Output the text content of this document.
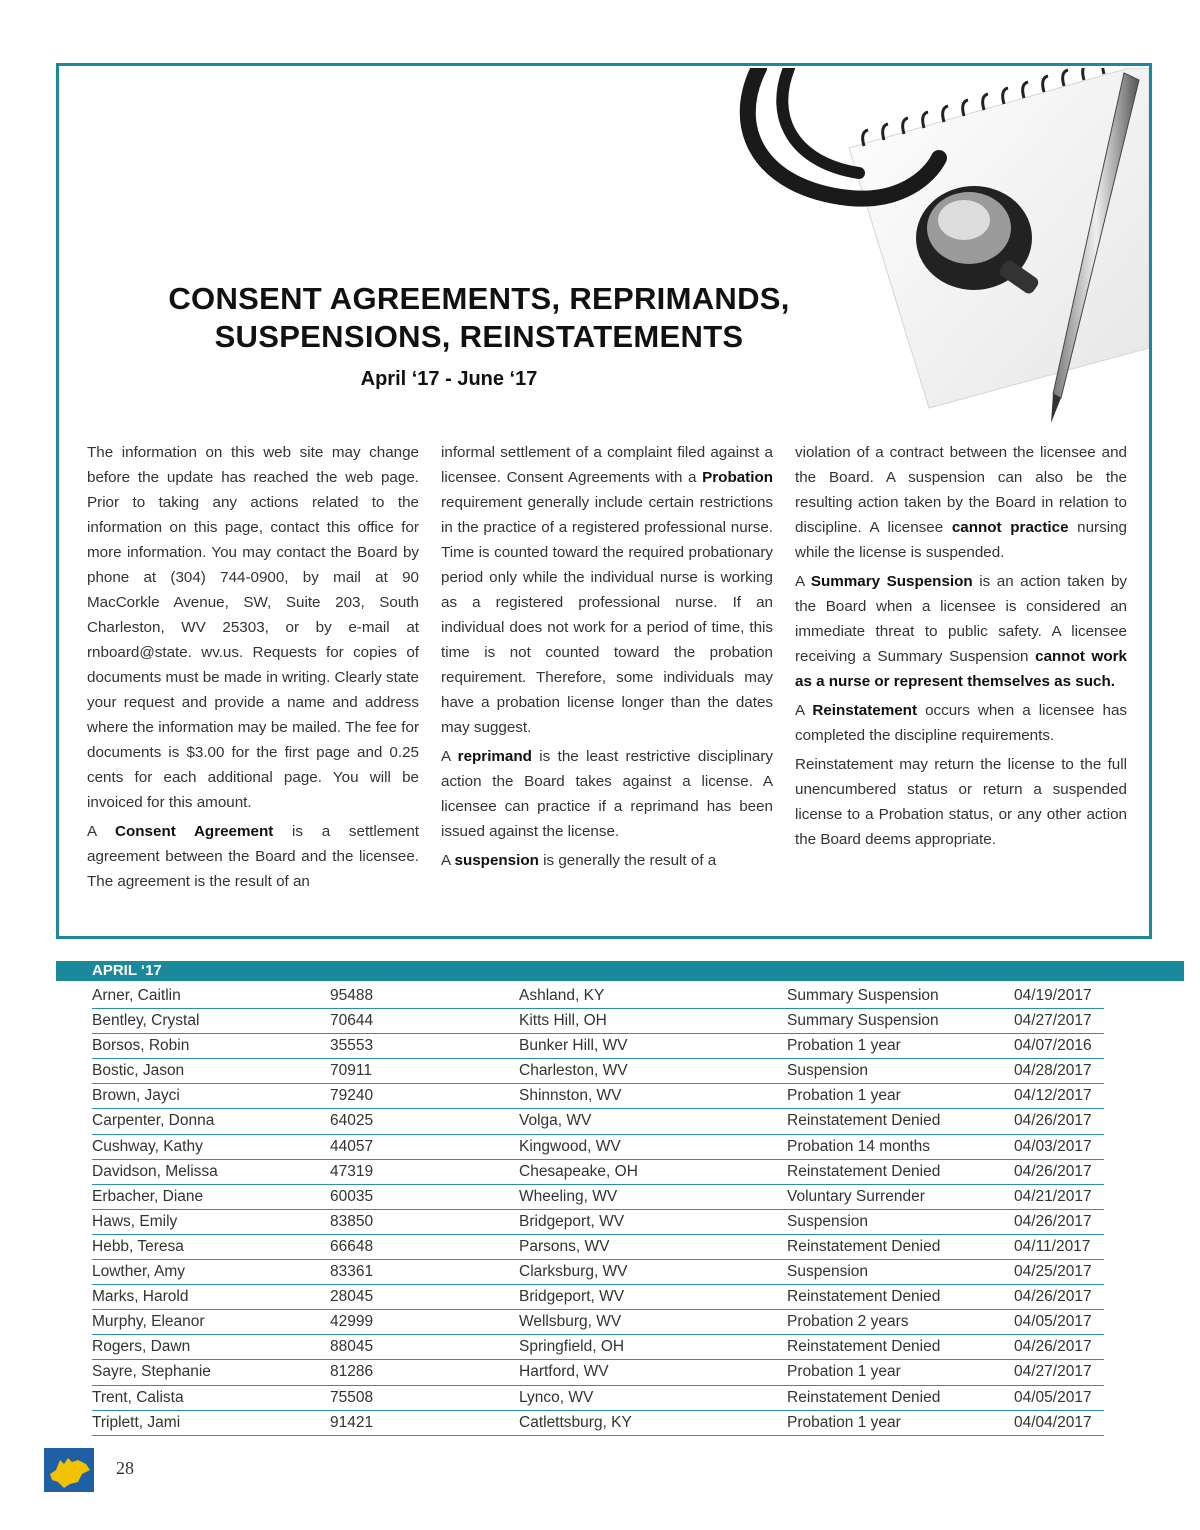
CONSENT AGREEMENTS, REPRIMANDS,
SUSPENSIONS, REINSTATEMENTS
April ‘17 - June ‘17

The information on this web site may change before the update has reached the web page. Prior to taking any actions related to the information on this page, contact this office for more information. You may contact the Board by phone at (304) 744-0900, by mail at 90 MacCorkle Avenue, SW, Suite 203, South Charleston, WV 25303, or by e-mail at rnboard@state. wv.us. Requests for copies of documents must be made in writing. Clearly state your request and provide a name and address where the information may be mailed. The fee for documents is $3.00 for the first page and 0.25 cents for each additional page. You will be invoiced for this amount.

A Consent Agreement is a settlement agreement between the Board and the licensee. The agreement is the result of an

informal settlement of a complaint filed against a licensee. Consent Agreements with a Probation requirement generally include certain restrictions in the practice of a registered professional nurse. Time is counted toward the required probationary period only while the individual nurse is working as a registered professional nurse. If an individual does not work for a period of time, this time is not counted toward the probation requirement. Therefore, some individuals may have a probation license longer than the dates may suggest.

A reprimand is the least restrictive disciplinary action the Board takes against a license. A licensee can practice if a reprimand has been issued against the license.

A suspension is generally the result of a

violation of a contract between the licensee and the Board. A suspension can also be the resulting action taken by the Board in relation to discipline. A licensee cannot practice nursing while the license is suspended.

A Summary Suspension is an action taken by the Board when a licensee is considered an immediate threat to public safety. A licensee receiving a Summary Suspension cannot work as a nurse or represent themselves as such.

A Reinstatement occurs when a licensee has completed the discipline requirements.

Reinstatement may return the license to the full unencumbered status or return a suspended license to a Probation status, or any other action the Board deems appropriate.

APRIL ‘17
Arner, Caitlin	95488	Ashland, KY	Summary Suspension	04/19/2017
Bentley, Crystal	70644	Kitts Hill, OH	Summary Suspension	04/27/2017
Borsos, Robin	35553	Bunker Hill, WV	Probation 1 year	04/07/2016
Bostic, Jason	70911	Charleston, WV	Suspension	04/28/2017
Brown, Jayci	79240	Shinnston, WV	Probation 1 year	04/12/2017
Carpenter, Donna	64025	Volga, WV	Reinstatement Denied	04/26/2017
Cushway, Kathy	44057	Kingwood, WV	Probation 14 months	04/03/2017
Davidson, Melissa	47319	Chesapeake, OH	Reinstatement Denied	04/26/2017
Erbacher, Diane	60035	Wheeling, WV	Voluntary Surrender	04/21/2017
Haws, Emily	83850	Bridgeport, WV	Suspension	04/26/2017
Hebb, Teresa	66648	Parsons, WV	Reinstatement Denied	04/11/2017
Lowther, Amy	83361	Clarksburg, WV	Suspension	04/25/2017
Marks, Harold	28045	Bridgeport, WV	Reinstatement Denied	04/26/2017
Murphy, Eleanor	42999	Wellsburg, WV	Probation 2 years	04/05/2017
Rogers, Dawn	88045	Springfield, OH	Reinstatement Denied	04/26/2017
Sayre, Stephanie	81286	Hartford, WV	Probation 1 year	04/27/2017
Trent, Calista	75508	Lynco, WV	Reinstatement Denied	04/05/2017
Triplett, Jami	91421	Catlettsburg, KY	Probation 1 year	04/04/2017
28
